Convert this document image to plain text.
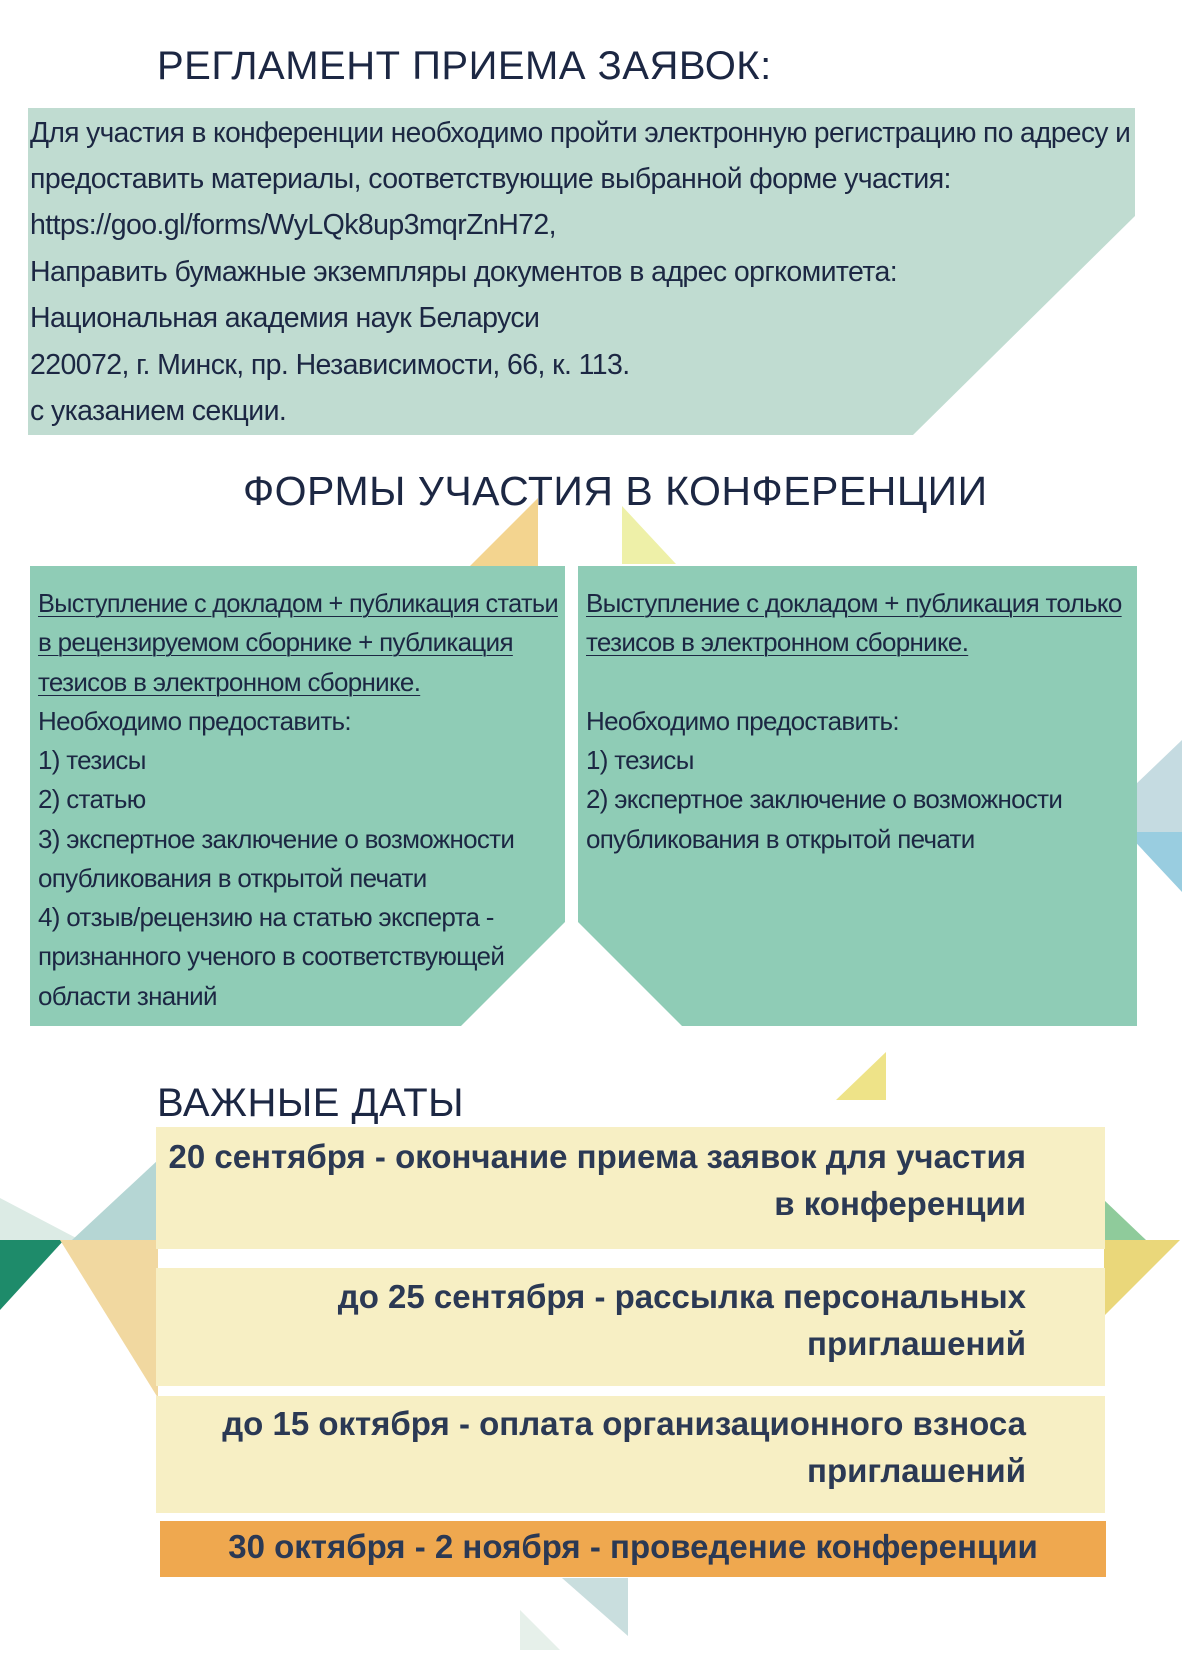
РЕГЛАМЕНТ ПРИЕМА ЗАЯВОК:
Для участия в конференции необходимо пройти электронную регистрацию по адресу и
предоставить материалы, соответствующие выбранной форме участия:
https://goo.gl/forms/WyLQk8up3mqrZnH72,
Направить бумажные экземпляры документов в адрес оргкомитета:
Национальная академия наук Беларуси
220072, г. Минск, пр. Независимости, 66, к. 113.
с указанием секции.
ФОРМЫ УЧАСТИЯ В КОНФЕРЕНЦИИ
Выступление с докладом + публикация статьи
в рецензируемом сборнике + публикация
тезисов в электронном сборнике.
Необходимо предоставить:
1) тезисы
2) статью
3) экспертное заключение о возможности
опубликования в открытой печати
4) отзыв/рецензию на статью эксперта -
признанного ученого в соответствующей
области знаний
Выступление с докладом + публикация только
тезисов в электронном сборнике.
Необходимо предоставить:
1) тезисы
2) экспертное заключение о возможности
опубликования в открытой печати
ВАЖНЫЕ ДАТЫ
20 сентября - окончание приема заявок для участия
в конференции
до 25 сентября - рассылка персональных
приглашений
до 15 октября - оплата организационного взноса
приглашений
30 октября - 2 ноября - проведение конференции
